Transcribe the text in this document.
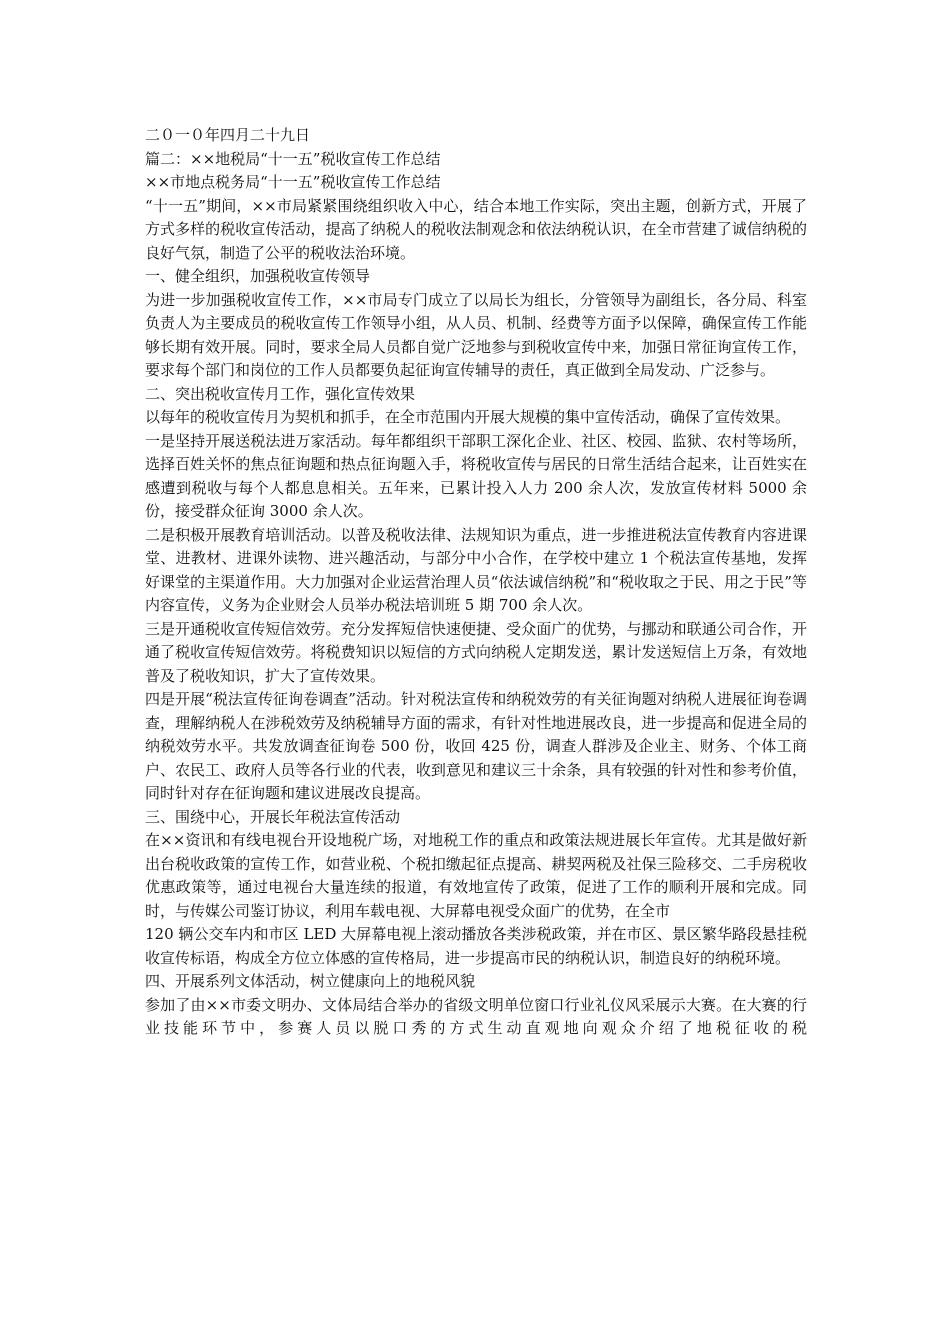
二０一０年四月二十九日

篇二：××地税局“十一五”税收宣传工作总结

××市地点税务局“十一五”税收宣传工作总结

“十一五”期间，××市局紧紧围绕组织收入中心，结合本地工作实际，突出主题，创新方式，开展了方式多样的税收宣传活动，提高了纳税人的税收法制观念和依法纳税认识，在全市营建了诚信纳税的良好气氛，制造了公平的税收法治环境。

一、健全组织，加强税收宣传领导

为进一步加强税收宣传工作，××市局专门成立了以局长为组长，分管领导为副组长，各分局、科室负责人为主要成员的税收宣传工作领导小组，从人员、机制、经费等方面予以保障，确保宣传工作能够长期有效开展。同时，要求全局人员都自觉广泛地参与到税收宣传中来，加强日常征询宣传工作，要求每个部门和岗位的工作人员都要负起征询宣传辅导的责任，真正做到全局发动、广泛参与。

二、突出税收宣传月工作，强化宣传效果

以每年的税收宣传月为契机和抓手，在全市范围内开展大规模的集中宣传活动，确保了宣传效果。

一是坚持开展送税法进万家活动。每年都组织干部职工深化企业、社区、校园、监狱、农村等场所，选择百姓关怀的焦点征询题和热点征询题入手，将税收宣传与居民的日常生活结合起来，让百姓实在感遭到税收与每个人都息息相关。五年来，已累计投入人力 200 余人次，发放宣传材料 5000 余份，接受群众征询 3000 余人次。

二是积极开展教育培训活动。以普及税收法律、法规知识为重点，进一步推进税法宣传教育内容进课堂、进教材、进课外读物、进兴趣活动，与部分中小合作，在学校中建立 1 个税法宣传基地，发挥好课堂的主渠道作用。大力加强对企业运营治理人员“依法诚信纳税”和“税收取之于民、用之于民”等内容宣传，义务为企业财会人员举办税法培训班 5 期 700 余人次。

三是开通税收宣传短信效劳。充分发挥短信快速便捷、受众面广的优势，与挪动和联通公司合作，开通了税收宣传短信效劳。将税费知识以短信的方式向纳税人定期发送，累计发送短信上万条，有效地普及了税收知识，扩大了宣传效果。

四是开展“税法宣传征询卷调查”活动。针对税法宣传和纳税效劳的有关征询题对纳税人进展征询卷调查，理解纳税人在涉税效劳及纳税辅导方面的需求，有针对性地进展改良，进一步提高和促进全局的纳税效劳水平。共发放调查征询卷 500 份，收回 425 份，调查人群涉及企业主、财务、个体工商户、农民工、政府人员等各行业的代表，收到意见和建议三十余条，具有较强的针对性和参考价值，同时针对存在征询题和建议进展改良提高。

三、围绕中心，开展长年税法宣传活动

在××资讯和有线电视台开设地税广场，对地税工作的重点和政策法规进展长年宣传。尤其是做好新出台税收政策的宣传工作，如营业税、个税扣缴起征点提高、耕契两税及社保三险移交、二手房税收优惠政策等，通过电视台大量连续的报道，有效地宣传了政策，促进了工作的顺利开展和完成。同时，与传媒公司鉴订协议，利用车载电视、大屏幕电视受众面广的优势，在全市

120 辆公交车内和市区 LED 大屏幕电视上滚动播放各类涉税政策，并在市区、景区繁华路段悬挂税收宣传标语，构成全方位立体感的宣传格局，进一步提高市民的纳税认识，制造良好的纳税环境。

四、开展系列文体活动，树立健康向上的地税风貌

参加了由××市委文明办、文体局结合举办的省级文明单位窗口行业礼仪风采展示大赛。在大赛的行业技能环节中，参赛人员以脱口秀的方式生动直观地向观众介绍了地税征收的税
